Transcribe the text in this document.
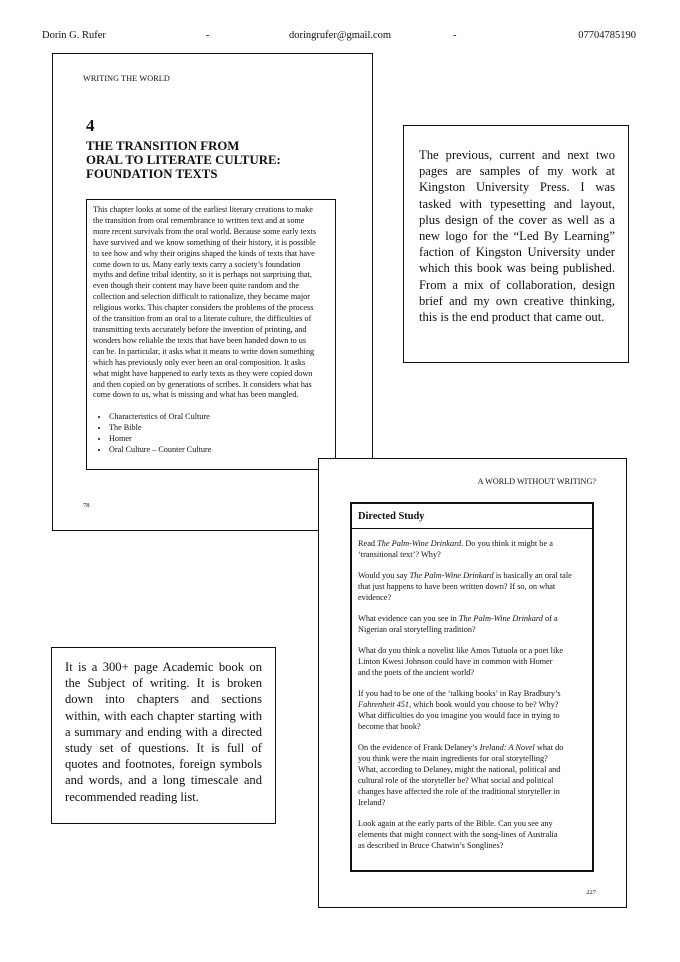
Dorin G. Rufer	-	doringrufer@gmail.com	-	07704785190
WRITING THE WORLD
4
THE TRANSITION FROM
ORAL TO LITERATE CULTURE:
FOUNDATION TEXTS
This chapter looks at some of the earliest literary creations to make
the transition from oral remembrance to written text and at some
more recent survivals from the oral world. Because some early texts
have survived and we know something of their history, it is possible
to see how and why their origins shaped the kinds of texts that have
come down to us. Many early texts carry a society’s foundation
myths and define tribal identity, so it is perhaps not surprising that,
even though their content may have been quite random and the
collection and selection difficult to rationalize, they became major
religious works. This chapter considers the problems of the process
of the transition from an oral to a literate culture, the difficulties of
transmitting texts accurately before the invention of printing, and
wonders how reliable the texts that have been handed down to us
can be. In particular, it asks what it means to write down something
which has previously only ever been an oral composition. It asks
what might have happened to early texts as they were copied down
and then copied on by generations of scribes. It considers what has
come down to us, what is missing and what has been mangled.
• Characteristics of Oral Culture
• The Bible
• Homer
• Oral Culture – Counter Culture
78
The previous, current and next two pages are samples of my work at Kingston University Press. I was tasked with typesetting and layout, plus design of the cover as well as a new logo for the “Led By Learning” faction of Kingston University under which this book was being published. From a mix of collaboration, design brief and my own creative thinking, this is the end product that came out.
A WORLD WITHOUT WRITING?
Directed Study
Read The Palm-Wine Drinkard. Do you think it might be a
‘transitional text’? Why?
Would you say The Palm-Wine Drinkard is basically an oral tale
that just happens to have been written down? If so, on what
evidence?
What evidence can you see in The Palm-Wine Drinkard of a
Nigerian oral storytelling tradition?
What do you think a novelist like Amos Tutuola or a poet like
Linton Kwesi Johnson could have in common with Homer
and the poets of the ancient world?
If you had to be one of the ‘talking books’ in Ray Bradbury’s
Fahrenheit 451, which book would you choose to be? Why?
What difficulties do you imagine you would face in trying to
become that book?
On the evidence of Frank Delaney’s Ireland: A Novel what do
you think were the main ingredients for oral storytelling?
What, according to Delaney, might the national, political and
cultural role of the storyteller be? What social and political
changes have affected the role of the traditional storyteller in
Ireland?
Look again at the early parts of the Bible. Can you see any
elements that might connect with the song-lines of Australia
as described in Bruce Chatwin’s Songlines?
227
It is a 300+ page Academic book on the Subject of writing. It is broken down into chapters and sections within, with each chapter starting with a summary and ending with a directed study set of questions. It is full of quotes and footnotes, foreign symbols and words, and a long timescale and recommended reading list.
